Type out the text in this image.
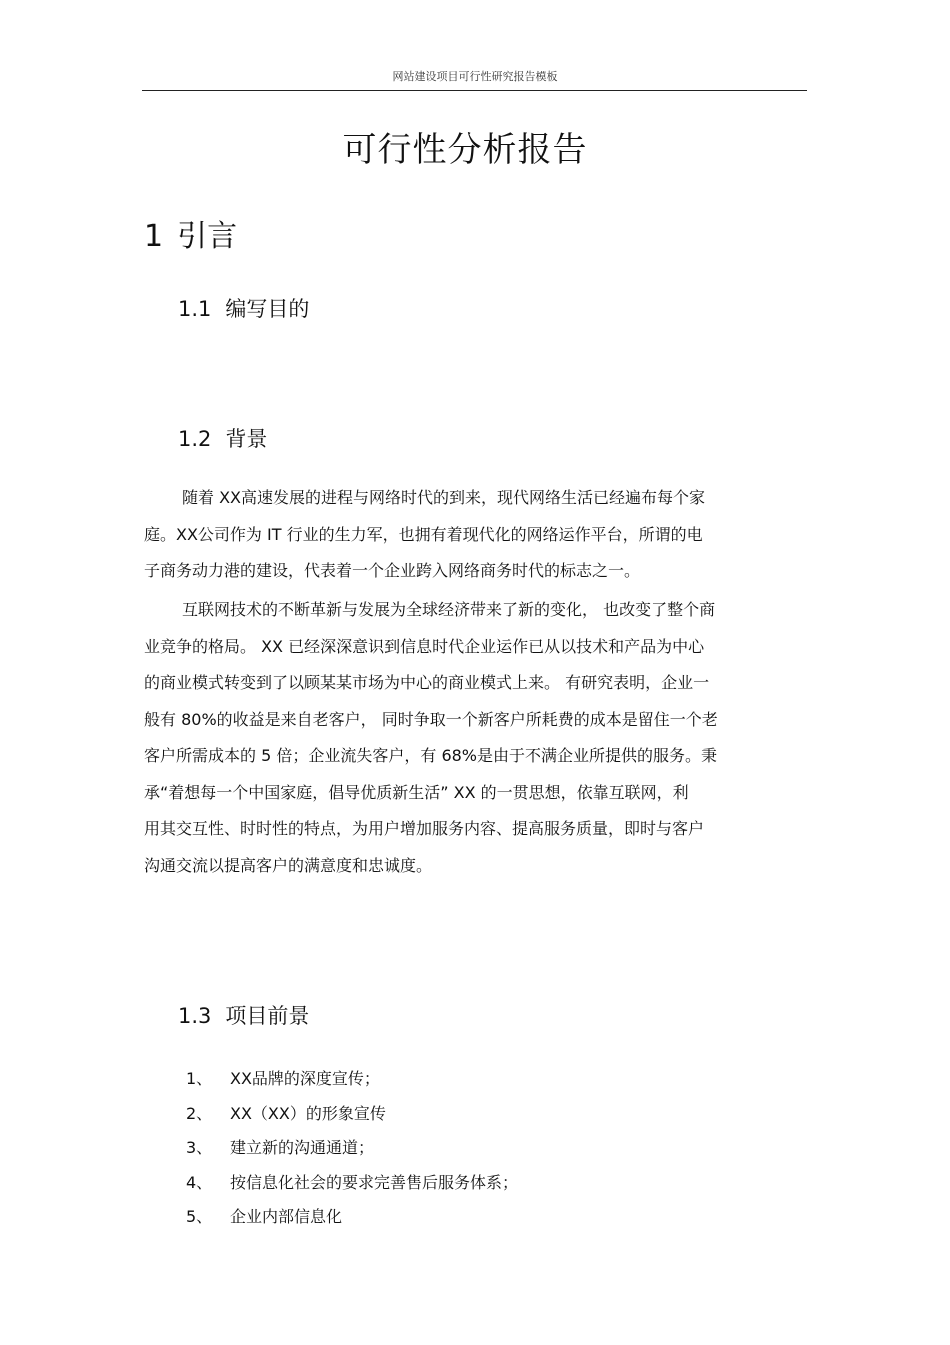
网站建设项目可行性研究报告模板
可行性分析报告
1 引言
1.1 编写目的
1.2 背景
随着 XX高速发展的进程与网络时代的到来，现代网络生活已经遍布每个家
庭。XX公司作为 IT 行业的生力军，也拥有着现代化的网络运作平台，所谓的电
子商务动力港的建设，代表着一个企业跨入网络商务时代的标志之一。
互联网技术的不断革新与发展为全球经济带来了新的变化， 也改变了整个商
业竞争的格局。 XX 已经深深意识到信息时代企业运作已从以技术和产品为中心
的商业模式转变到了以顾某某市场为中心的商业模式上来。 有研究表明，企业一
般有 80%的收益是来自老客户， 同时争取一个新客户所耗费的成本是留住一个老
客户所需成本的 5 倍；企业流失客户，有 68%是由于不满企业所提供的服务。秉
承“着想每一个中国家庭，倡导优质新生活” XX 的一贯思想，依靠互联网，利
用其交互性、时时性的特点，为用户增加服务内容、提高服务质量，即时与客户
沟通交流以提高客户的满意度和忠诚度。
1.3 项目前景
1、 XX品牌的深度宣传；
2、 XX（XX）的形象宣传
3、 建立新的沟通通道；
4、 按信息化社会的要求完善售后服务体系；
5、 企业内部信息化
